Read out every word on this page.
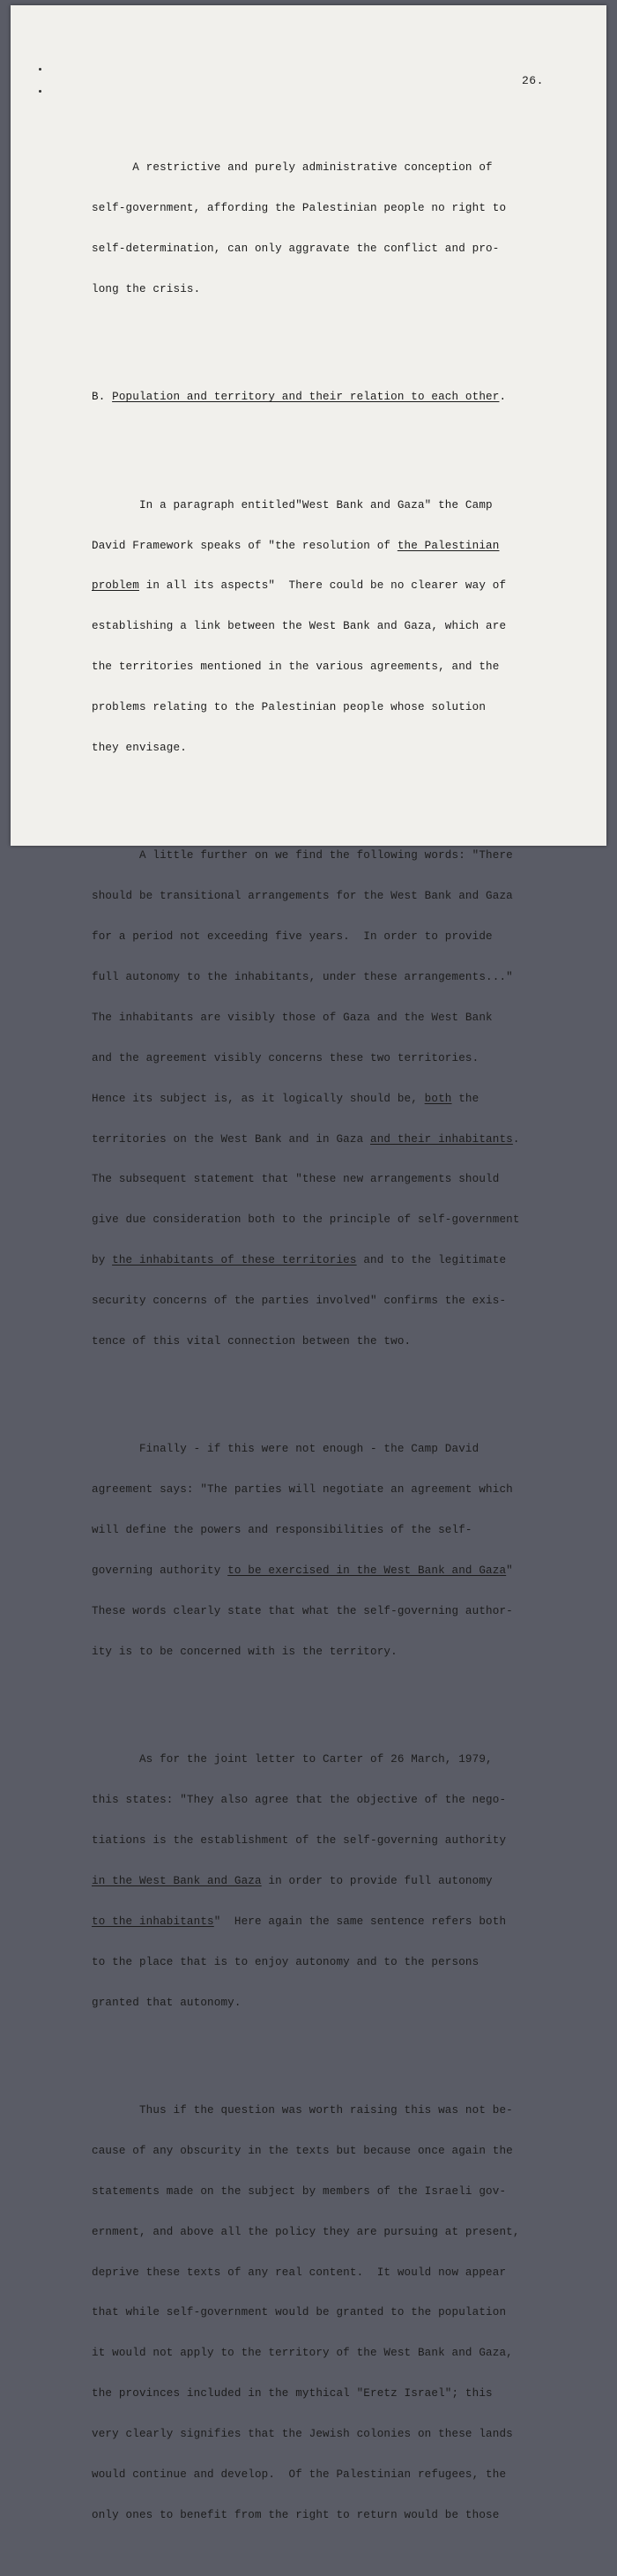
26.

A restrictive and purely administrative conception of

self-government, affording the Palestinian people no right to

self-determination, can only aggravate the conflict and pro-

long the crisis.

B. Population and territory and their relation to each other.

In a paragraph entitled"West Bank and Gaza" the Camp

David Framework speaks of "the resolution of the Palestinian

problem in all its aspects"  There could be no clearer way of

establishing a link between the West Bank and Gaza, which are

the territories mentioned in the various agreements, and the

problems relating to the Palestinian people whose solution

they envisage.

A little further on we find the following words: "There

should be transitional arrangements for the West Bank and Gaza

for a period not exceeding five years.  In order to provide

full autonomy to the inhabitants, under these arrangements..."

The inhabitants are visibly those of Gaza and the West Bank

and the agreement visibly concerns these two territories.

Hence its subject is, as it logically should be, both the

territories on the West Bank and in Gaza and their inhabitants.

The subsequent statement that "these new arrangements should

give due consideration both to the principle of self-government

by the inhabitants of these territories and to the legitimate

security concerns of the parties involved" confirms the exis-

tence of this vital connection between the two.

Finally - if this were not enough - the Camp David

agreement says: "The parties will negotiate an agreement which

will define the powers and responsibilities of the self-

governing authority to be exercised in the West Bank and Gaza"

These words clearly state that what the self-governing author-

ity is to be concerned with is the territory.

As for the joint letter to Carter of 26 March, 1979,

this states: "They also agree that the objective of the nego-

tiations is the establishment of the self-governing authority

in the West Bank and Gaza in order to provide full autonomy

to the inhabitants"  Here again the same sentence refers both

to the place that is to enjoy autonomy and to the persons

granted that autonomy.

Thus if the question was worth raising this was not be-

cause of any obscurity in the texts but because once again the

statements made on the subject by members of the Israeli gov-

ernment, and above all the policy they are pursuing at present,

deprive these texts of any real content.  It would now appear

that while self-government would be granted to the population

it would not apply to the territory of the West Bank and Gaza,

the provinces included in the mythical "Eretz Israel"; this

very clearly signifies that the Jewish colonies on these lands

would continue and develop.  Of the Palestinian refugees, the

only ones to benefit from the right to return would be those
